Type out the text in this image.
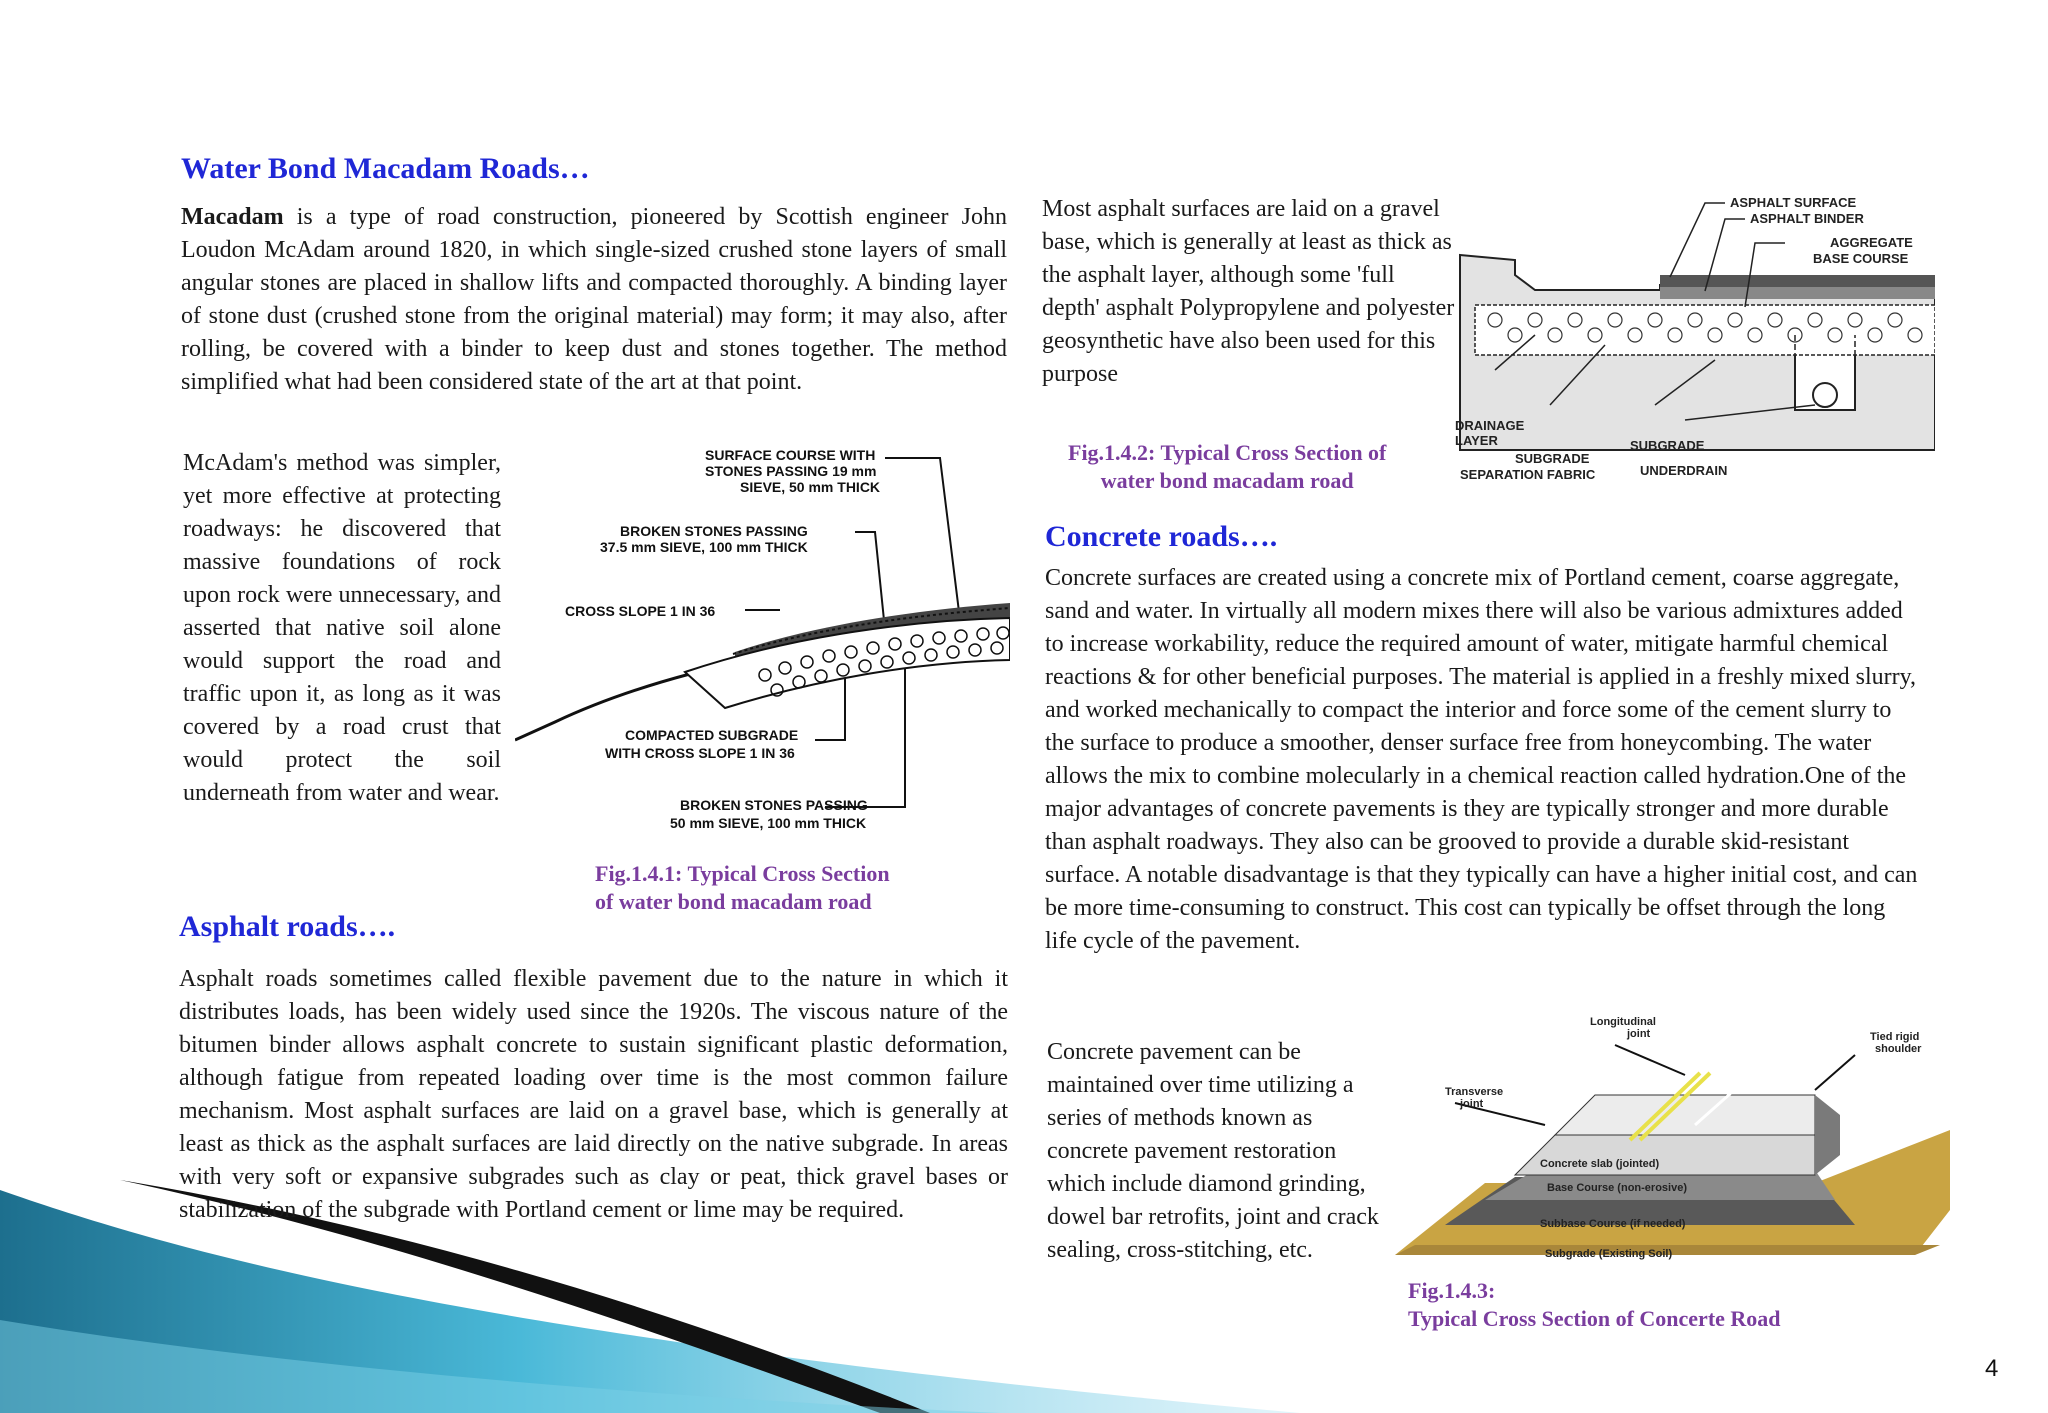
Water Bond Macadam Roads…

Macadam is a type of road construction, pioneered by Scottish engineer John Loudon McAdam around 1820, in which single-sized crushed stone layers of small angular stones are placed in shallow lifts and compacted thoroughly. A binding layer of stone dust (crushed stone from the original material) may form; it may also, after rolling, be covered with a binder to keep dust and stones together. The method simplified what had been considered state of the art at that point.

McAdam's method was simpler, yet more effective at protecting roadways: he discovered that massive foundations of rock upon rock were unnecessary, and asserted that native soil alone would support the road and traffic upon it, as long as it was covered by a road crust that would protect the soil underneath from water and wear.

SURFACE COURSE WITH
STONES PASSING 19 mm
SIEVE, 50 mm THICK
BROKEN STONES PASSING
37.5 mm SIEVE, 100 mm THICK
CROSS SLOPE 1 IN 36
COMPACTED SUBGRADE
WITH CROSS SLOPE 1 IN 36
BROKEN STONES PASSING
50 mm SIEVE, 100 mm THICK

Fig.1.4.1: Typical Cross Section

of water bond macadam road

Asphalt roads….

Asphalt roads sometimes called flexible pavement due to the nature in which it distributes loads, has been widely used since the 1920s. The viscous nature of the bitumen binder allows asphalt concrete to sustain significant plastic deformation, although fatigue from repeated loading over time is the most common failure mechanism. Most asphalt surfaces are laid on a gravel base, which is generally at least as thick as the asphalt surfaces are laid directly on the native subgrade. In areas with very soft or expansive subgrades such as clay or peat, thick gravel bases or stabilization of the subgrade with Portland cement or lime may be required.

Most asphalt surfaces are laid on a gravel base, which is generally at least as thick as the asphalt layer, although some 'full depth' asphalt Polypropylene and polyester geosynthetic have also been used for this purpose

ASPHALT SURFACE
ASPHALT BINDER
AGGREGATE
BASE COURSE
DRAINAGE
LAYER
SUBGRADE
SEPARATION FABRIC
SUBGRADE
UNDERDRAIN

Fig.1.4.2: Typical Cross Section of

water bond macadam road

Concrete roads….

Concrete surfaces are created using a concrete mix of Portland cement, coarse aggregate, sand and water. In virtually all modern mixes there will also be various admixtures added to increase workability, reduce the required amount of water, mitigate harmful chemical reactions & for other beneficial purposes. The material is applied in a freshly mixed slurry, and worked mechanically to compact the interior and force some of the cement slurry to the surface to produce a smoother, denser surface free from honeycombing. The water allows the mix to combine molecularly in a chemical reaction called hydration.One of the major advantages of concrete pavements is they are typically stronger and more durable than asphalt roadways. They also can be grooved to provide a durable skid-resistant surface. A notable disadvantage is that they typically can have a higher initial cost, and can be more time-consuming to construct. This cost can typically be offset through the long life cycle of the pavement.

Concrete pavement can be maintained over time utilizing a series of methods known as concrete pavement restoration which include diamond grinding, dowel bar retrofits, joint and crack sealing, cross-stitching, etc.

Longitudinal
joint	Tied rigid
shoulder
Transverse
joint
Concrete slab (jointed)
Base Course (non-erosive)
Subbase Course (if needed)
Subgrade (Existing Soil)

Fig.1.4.3:

Typical Cross Section of Concerte Road

4
